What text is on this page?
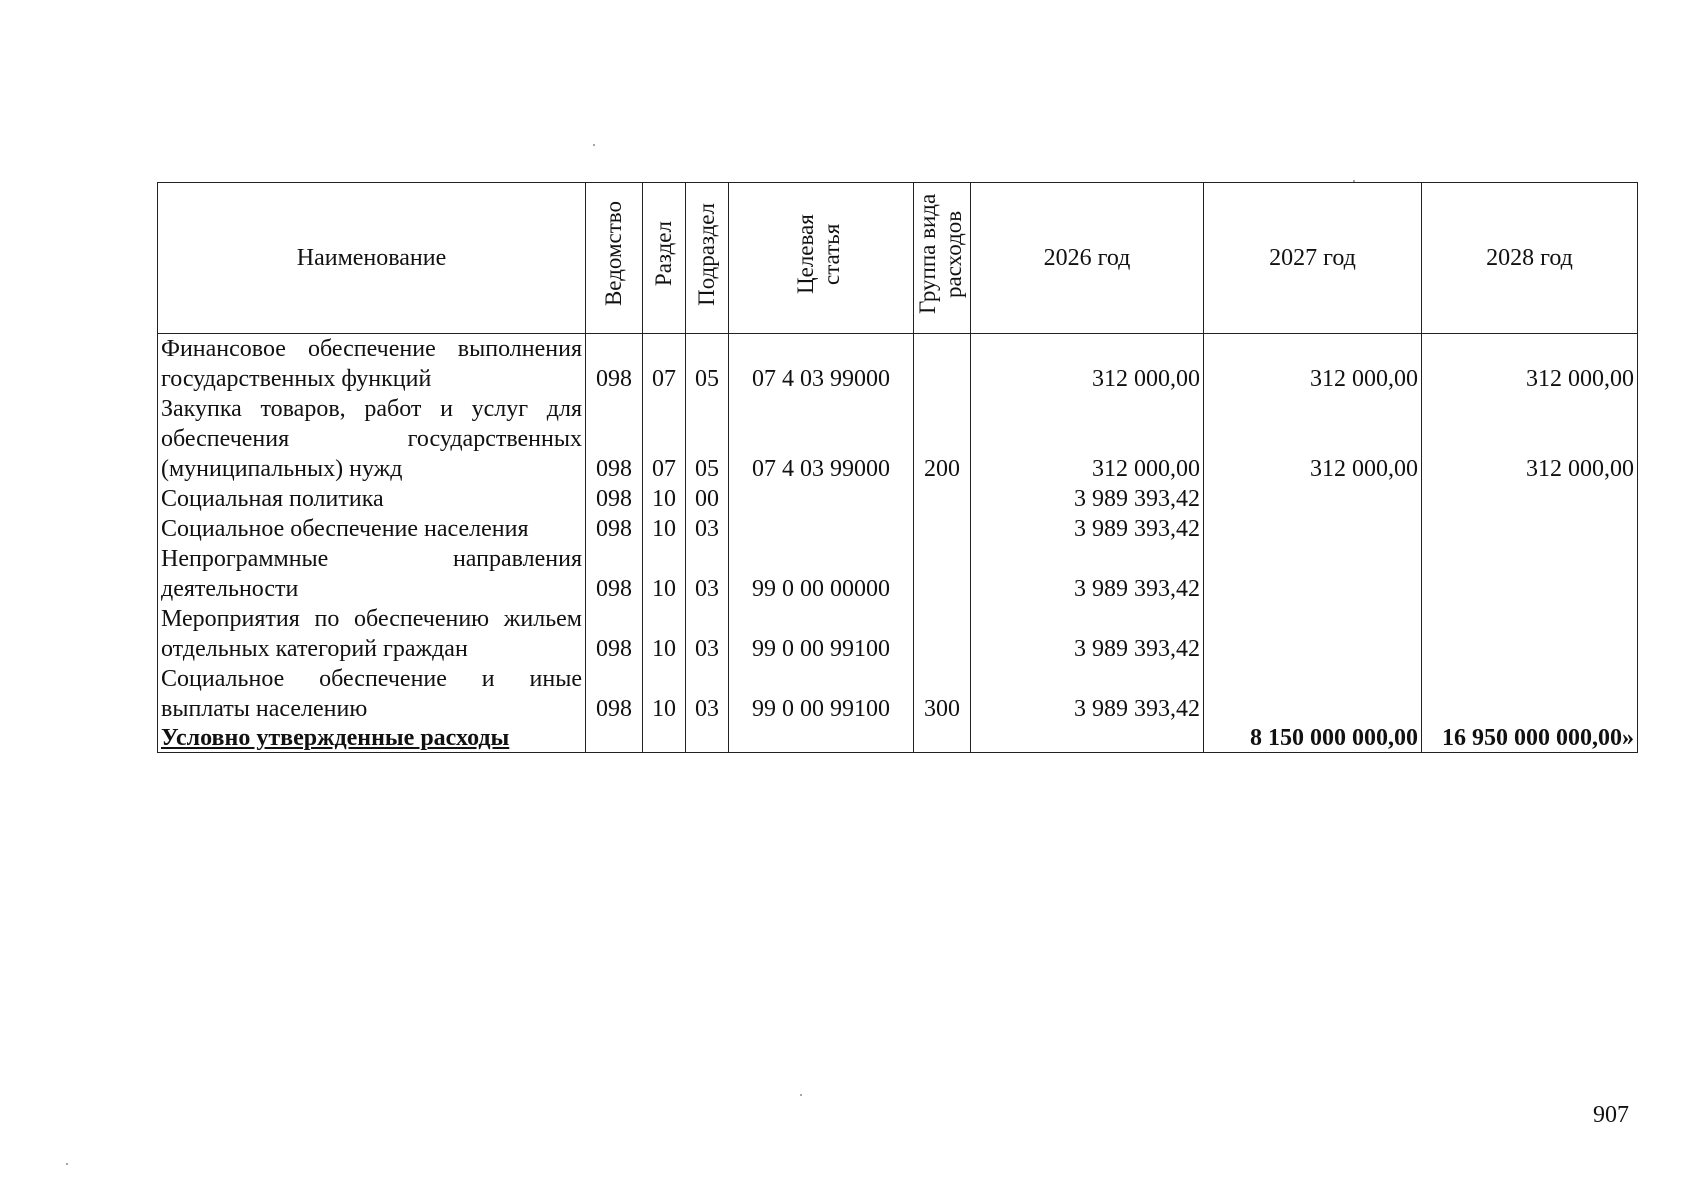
Наименование	Ведомство	Раздел	Подраздел	Целевая статья	Группа вида расходов	2026 год	2027 год	2028 год
Финансовое обеспечение выполнения государственных функций	098	07	05	07 4 03 99000		312 000,00	312 000,00	312 000,00
Закупка товаров, работ и услуг для обеспечения государственных (муниципальных) нужд	098	07	05	07 4 03 99000	200	312 000,00	312 000,00	312 000,00
Социальная политика	098	10	00			3 989 393,42		
Социальное обеспечение населения	098	10	03			3 989 393,42		
Непрограммные направления деятельности	098	10	03	99 0 00 00000		3 989 393,42		
Мероприятия по обеспечению жильем отдельных категорий граждан	098	10	03	99 0 00 99100		3 989 393,42		
Социальное обеспечение и иные выплаты населению	098	10	03	99 0 00 99100	300	3 989 393,42		
Условно утвержденные расходы							8 150 000 000,00	16 950 000 000,00»
907
